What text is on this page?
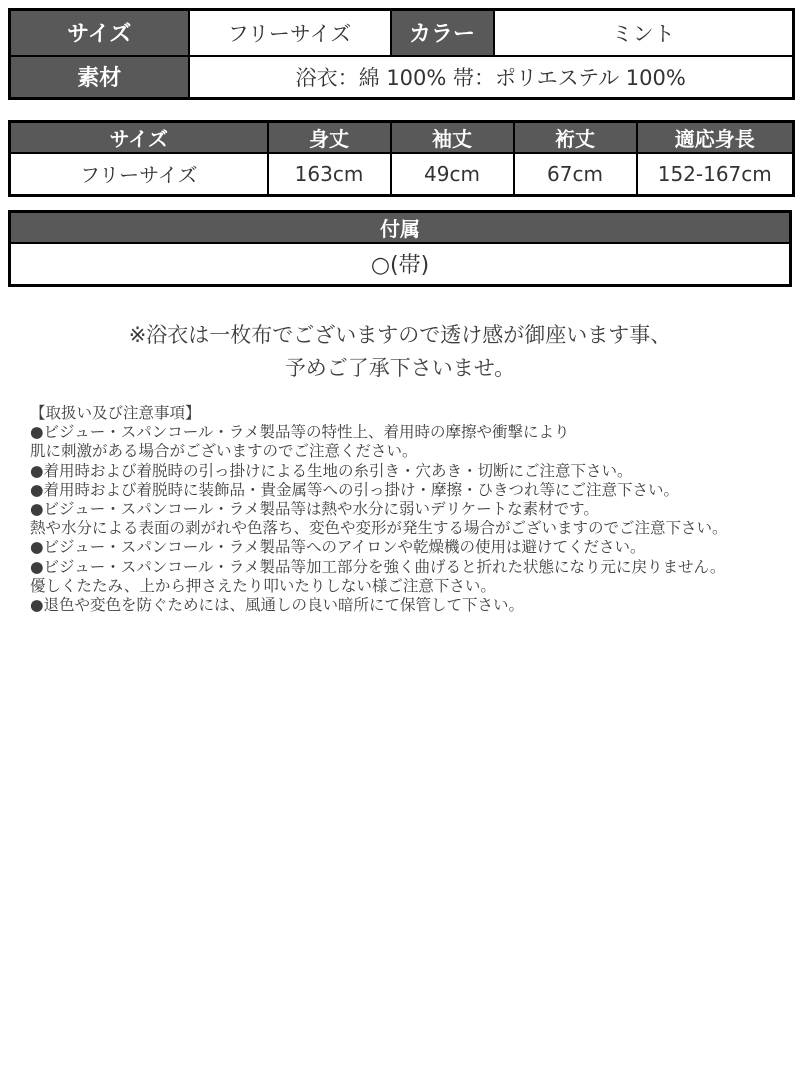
サイズ	フリーサイズ	カラー	ミント
素材	浴衣：綿 100% 帯：ポリエステル 100%		
サイズ	身丈	袖丈	裄丈	適応身長
フリーサイズ	163cm	49cm	67cm	152-167cm
付属
○(帯)
※浴衣は一枚布でございますので透け感が御座います事、
予めご了承下さいませ。
【取扱い及び注意事項】
●ビジュー・スパンコール・ラメ製品等の特性上、着用時の摩擦や衝撃により
肌に刺激がある場合がございますのでご注意ください。
●着用時および着脱時の引っ掛けによる生地の糸引き・穴あき・切断にご注意下さい。
●着用時および着脱時に装飾品・貴金属等への引っ掛け・摩擦・ひきつれ等にご注意下さい。
●ビジュー・スパンコール・ラメ製品等は熱や水分に弱いデリケートな素材です。
熱や水分による表面の剥がれや色落ち、変色や変形が発生する場合がございますのでご注意下さい。
●ビジュー・スパンコール・ラメ製品等へのアイロンや乾燥機の使用は避けてください。
●ビジュー・スパンコール・ラメ製品等加工部分を強く曲げると折れた状態になり元に戻りません。
優しくたたみ、上から押さえたり叩いたりしない様ご注意下さい。
●退色や変色を防ぐためには、風通しの良い暗所にて保管して下さい。
